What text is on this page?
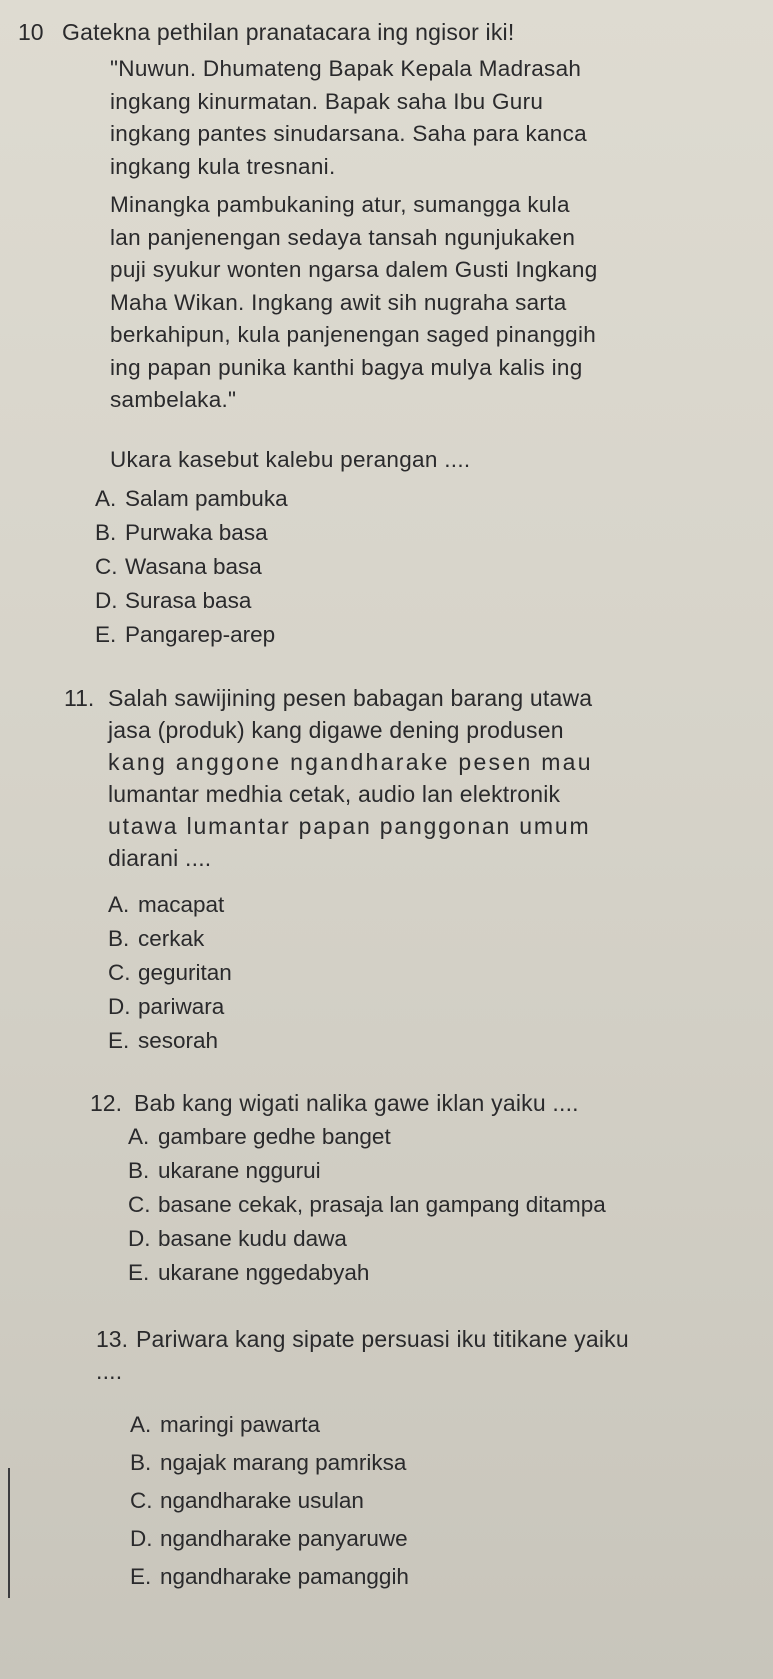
10 Gatekna pethilan pranatacara ing ngisor iki!
"Nuwun. Dhumateng Bapak Kepala Madrasah
ingkang kinurmatan. Bapak saha Ibu Guru
ingkang pantes sinudarsana. Saha para kanca
ingkang kula tresnani.
Minangka pambukaning atur, sumangga kula
lan panjenengan sedaya tansah ngunjukaken
puji syukur wonten ngarsa dalem Gusti Ingkang
Maha Wikan. Ingkang awit sih nugraha sarta
berkahipun, kula panjenengan saged pinanggih
ing papan punika kanthi bagya mulya kalis ing
sambelaka."
Ukara kasebut kalebu perangan ....
A. Salam pambuka
B. Purwaka basa
C. Wasana basa
D. Surasa basa
E. Pangarep-arep
11. Salah sawijining pesen babagan barang utawa
jasa (produk) kang digawe dening produsen
kang anggone ngandharake pesen mau
lumantar medhia cetak, audio lan elektronik
utawa lumantar papan panggonan umum
diarani ....
A. macapat
B. cerkak
C. geguritan
D. pariwara
E. sesorah
12. Bab kang wigati nalika gawe iklan yaiku ....
A. gambare gedhe banget
B. ukarane nggurui
C. basane cekak, prasaja lan gampang ditampa
D. basane kudu dawa
E. ukarane nggedabyah
13. Pariwara kang sipate persuasi iku titikane yaiku
....
A. maringi pawarta
B. ngajak marang pamriksa
C. ngandharake usulan
D. ngandharake panyaruwe
E. ngandharake pamanggih
